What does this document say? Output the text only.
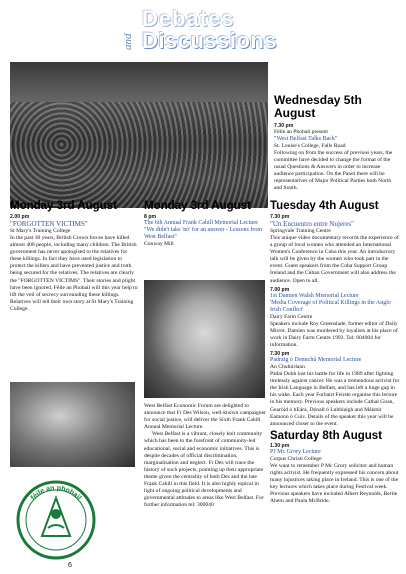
Debates
and Discussions
Wednesday 5th August
7.30 pm
Féile an Phobail present
"West Belfast Talks Back"
St. Louise's College, Falls Road
Following on from the success of previous years, the committee have decided to change the format of the usual Questions & Answers in order to increase audience participation. On the Panel there will be representatives of Major Political Parties both North and South.
Monday 3rd August
2.00 pm
"FORGOTTEN VICTIMS"
St Mary's Training College
In the past 30 years, British Crown forces have killed almost 400 people, including many children. The British government has never apologised to the relatives for these killings. In fact they have used legislation to protect the killers and have prevented justice and truth being secured for the relatives. The relatives are clearly the "FORGOTTEN VICTIMS". Their stories and plight have been ignored. Féile an Phobail will this year help to lift the veil of secrecy surrounding these killings. Relatives will tell their own story at St Mary's Training College.
Monday 3rd August
8 pm
The 6th Annual Frank Cahill Memorial Lecture
"We didn't take 'no' for an answer - Lessons from West Belfast"
Conway Mill
West Belfast Economic Forum are delighted to announce that Fr Des Wilson, well-known campaigner for social justice, will deliver the Sixth Frank Cahill Annual Memorial Lecture.
West Belfast is a vibrant, closely knit community which has been to the forefront of community-led educational, social and economic initiatives. This is despite decades of official discrimination, marginalisation and neglect. Fr Des will trace the history of such projects, pointing up their appropriate theme given the centrality of both Des and the late Frank Cahill in this field. It is also highly topical in light of ongoing political developments and governmental attitudes to areas like West Belfast. For further information tel: 300040
Tuesday 4th August
7.30 pm
"Un Encuentro entre Nujeres"
Springvale Training Centre
This unique video documentary records the experience of a group of local women who attended an International Women's Conference in Cuba this year. An introductory talk will be given by the women who took part in the event. Guest speakers from the Cuba Support Group Ireland and the Cuban Government will also address the audience. Open to all.
7.00 pm
1st Damien Walsh Memorial Lecture
'Media Coverage of Political Killings in the Anglo Irish Conflict'
Dairy Farm Centre
Speakers include Roy Greenslade, former editor of Daily Mirror. Damien was murdered by loyalists at his place of work in Dairy Farm Centre 1993. Tel: 604004 for information.
7.30 pm
Pádraig ó Donnchú Memorial Lecture
An Chultúrlann
Pádaí Dubh lost his battle for life in 1989 after fighting tirelessly against cancer. He was a tremendous activist for the Irish Language in Belfast, and has left a huge gap in his wake. Each year Forbairt Feirste organise this lecture in his memory. Previous speakers include Cathal Goan, Gearóid ó hEára, Dónall ó Lubhlaigh and Máistúr Eamonn ó Cuív. Details of the speaker this year will be announced closer to the event.
Saturday 8th August
1.30 pm
PJ Mc Grory Lecture
Corpus Christi College
We want to remember P Mc Grory solicitor and human rights activist. He frequently expressed his concern about many injustices taking place in Ireland. This is one of the key lectures which takes place during Festival week. Previous speakers have included Albert Reynolds, Bertie Ahern and Paula McBride.
féile an phobail
6
